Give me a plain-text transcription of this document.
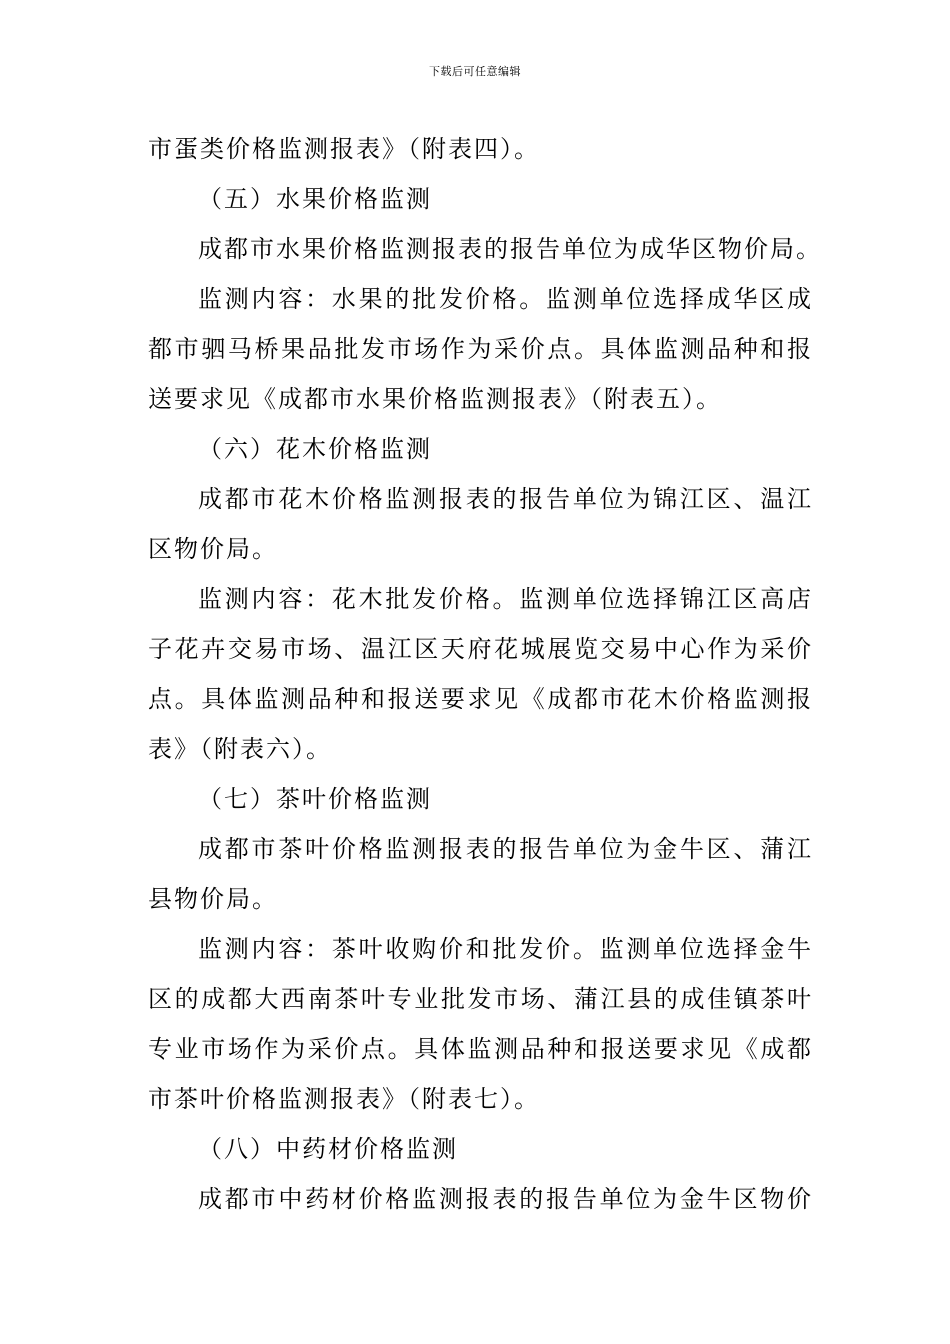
下载后可任意编辑
市蛋类价格监测报表》（附表四）。
（五）水果价格监测
成都市水果价格监测报表的报告单位为成华区物价局。
监测内容：水果的批发价格。监测单位选择成华区成
都市驷马桥果品批发市场作为采价点。具体监测品种和报
送要求见《成都市水果价格监测报表》（附表五）。
（六）花木价格监测
成都市花木价格监测报表的报告单位为锦江区、温江
区物价局。
监测内容：花木批发价格。监测单位选择锦江区高店
子花卉交易市场、温江区天府花城展览交易中心作为采价
点。具体监测品种和报送要求见《成都市花木价格监测报
表》（附表六）。
（七）茶叶价格监测
成都市茶叶价格监测报表的报告单位为金牛区、蒲江
县物价局。
监测内容：茶叶收购价和批发价。监测单位选择金牛
区的成都大西南茶叶专业批发市场、蒲江县的成佳镇茶叶
专业市场作为采价点。具体监测品种和报送要求见《成都
市茶叶价格监测报表》（附表七）。
（八）中药材价格监测
成都市中药材价格监测报表的报告单位为金牛区物价
